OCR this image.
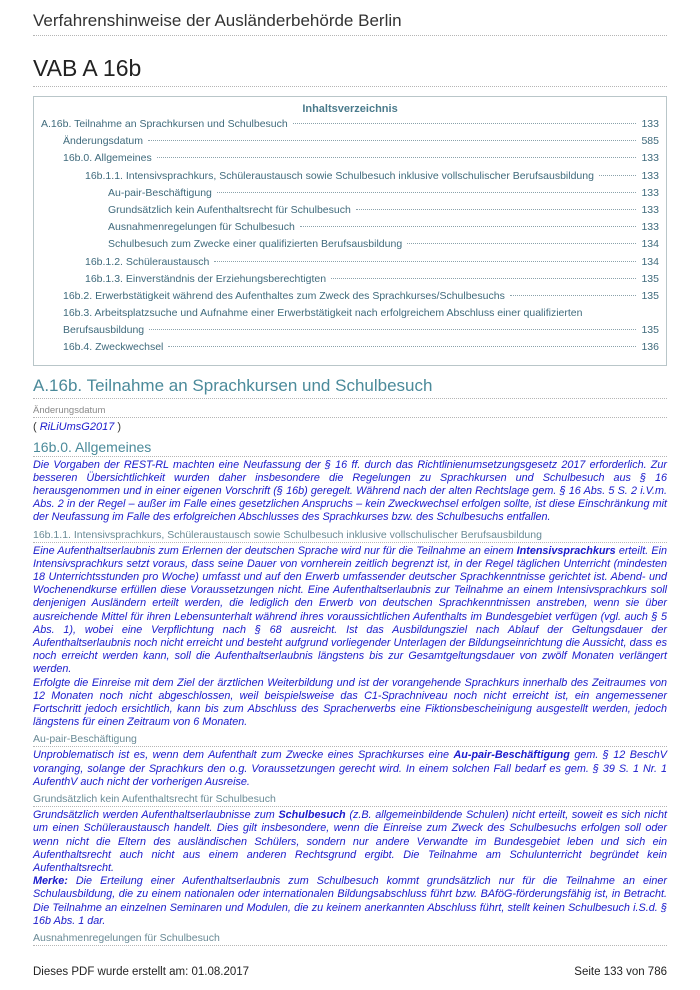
Verfahrenshinweise der Ausländerbehörde Berlin
VAB A 16b
Inhaltsverzeichnis
A.16b. Teilnahme an Sprachkursen und Schulbesuch	133
Änderungsdatum	585
16b.0. Allgemeines	133
16b.1.1. Intensivsprachkurs, Schüleraustausch sowie Schulbesuch inklusive vollschulischer Berufsausbildung	133
Au-pair-Beschäftigung	133
Grundsätzlich kein Aufenthaltsrecht für Schulbesuch	133
Ausnahmenregelungen für Schulbesuch	133
Schulbesuch zum Zwecke einer qualifizierten Berufsausbildung	134
16b.1.2. Schüleraustausch	134
16b.1.3. Einverständnis der Erziehungsberechtigten	135
16b.2. Erwerbstätigkeit während des Aufenthaltes zum Zweck des Sprachkurses/Schulbesuchs	135
16b.3. Arbeitsplatzsuche und Aufnahme einer Erwerbstätigkeit nach erfolgreichem Abschluss einer qualifizierten
Berufsausbildung	135
16b.4. Zweckwechsel	136
A.16b. Teilnahme an Sprachkursen und Schulbesuch
Änderungsdatum
( RiLiUmsG2017 )
16b.0. Allgemeines
Die Vorgaben der REST-RL machten eine Neufassung der § 16 ff. durch das Richtlinienumsetzungsgesetz 2017 erforderlich. Zur besseren Übersichtlichkeit wurden daher insbesondere die Regelungen zu Sprachkursen und Schulbesuch aus § 16 herausgenommen und in einer eigenen Vorschrift (§ 16b) geregelt. Während nach der alten Rechtslage gem. § 16 Abs. 5 S. 2 i.V.m. Abs. 2 in der Regel – außer im Falle eines gesetzlichen Anspruchs – kein Zweckwechsel erfolgen sollte, ist diese Einschränkung mit der Neufassung im Falle des erfolgreichen Abschlusses des Sprachkurses bzw. des Schulbesuchs entfallen.
16b.1.1. Intensivsprachkurs, Schüleraustausch sowie Schulbesuch inklusive vollschulischer Berufsausbildung
Eine Aufenthaltserlaubnis zum Erlernen der deutschen Sprache wird nur für die Teilnahme an einem Intensivsprachkurs erteilt. Ein Intensivsprachkurs setzt voraus, dass seine Dauer von vornherein zeitlich begrenzt ist, in der Regel täglichen Unterricht (mindesten 18 Unterrichtsstunden pro Woche) umfasst und auf den Erwerb umfassender deutscher Sprachkenntnisse gerichtet ist. Abend- und Wochenendkurse erfüllen diese Voraussetzungen nicht. Eine Aufenthaltserlaubnis zur Teilnahme an einem Intensivsprachkurs soll denjenigen Ausländern erteilt werden, die lediglich den Erwerb von deutschen Sprachkenntnissen anstreben, wenn sie über ausreichende Mittel für ihren Lebensunterhalt während ihres voraussichtlichen Aufenthalts im Bundesgebiet verfügen (vgl. auch § 5 Abs. 1), wobei eine Verpflichtung nach § 68 ausreicht. Ist das Ausbildungsziel nach Ablauf der Geltungsdauer der Aufenthaltserlaubnis noch nicht erreicht und besteht aufgrund vorliegender Unterlagen der Bildungseinrichtung die Aussicht, dass es noch erreicht werden kann, soll die Aufenthaltserlaubnis längstens bis zur Gesamtgeltungsdauer von zwölf Monaten verlängert werden.
Erfolgte die Einreise mit dem Ziel der ärztlichen Weiterbildung und ist der vorangehende Sprachkurs innerhalb des Zeitraumes von 12 Monaten noch nicht abgeschlossen, weil beispielsweise das C1-Sprachniveau noch nicht erreicht ist, ein angemessener Fortschritt jedoch ersichtlich, kann bis zum Abschluss des Spracherwerbs eine Fiktionsbescheinigung ausgestellt werden, jedoch längstens für einen Zeitraum von 6 Monaten.
Au-pair-Beschäftigung
Unproblematisch ist es, wenn dem Aufenthalt zum Zwecke eines Sprachkurses eine Au-pair-Beschäftigung gem. § 12 BeschV voranging, solange der Sprachkurs den o.g. Voraussetzungen gerecht wird. In einem solchen Fall bedarf es gem. § 39 S. 1 Nr. 1 AufenthV auch nicht der vorherigen Ausreise.
Grundsätzlich kein Aufenthaltsrecht für Schulbesuch
Grundsätzlich werden Aufenthaltserlaubnisse zum Schulbesuch (z.B. allgemeinbildende Schulen) nicht erteilt, soweit es sich nicht um einen Schüleraustausch handelt. Dies gilt insbesondere, wenn die Einreise zum Zweck des Schulbesuchs erfolgen soll oder wenn nicht die Eltern des ausländischen Schülers, sondern nur andere Verwandte im Bundesgebiet leben und sich ein Aufenthaltsrecht auch nicht aus einem anderen Rechtsgrund ergibt. Die Teilnahme am Schulunterricht begründet kein Aufenthaltsrecht.
Merke: Die Erteilung einer Aufenthaltserlaubnis zum Schulbesuch kommt grundsätzlich nur für die Teilnahme an einer Schulausbildung, die zu einem nationalen oder internationalen Bildungsabschluss führt bzw. BAföG-förderungsfähig ist, in Betracht. Die Teilnahme an einzelnen Seminaren und Modulen, die zu keinem anerkannten Abschluss führt, stellt keinen Schulbesuch i.S.d. § 16b Abs. 1 dar.
Ausnahmenregelungen für Schulbesuch
Dieses PDF wurde erstellt am: 01.08.2017	Seite 133 von 786
